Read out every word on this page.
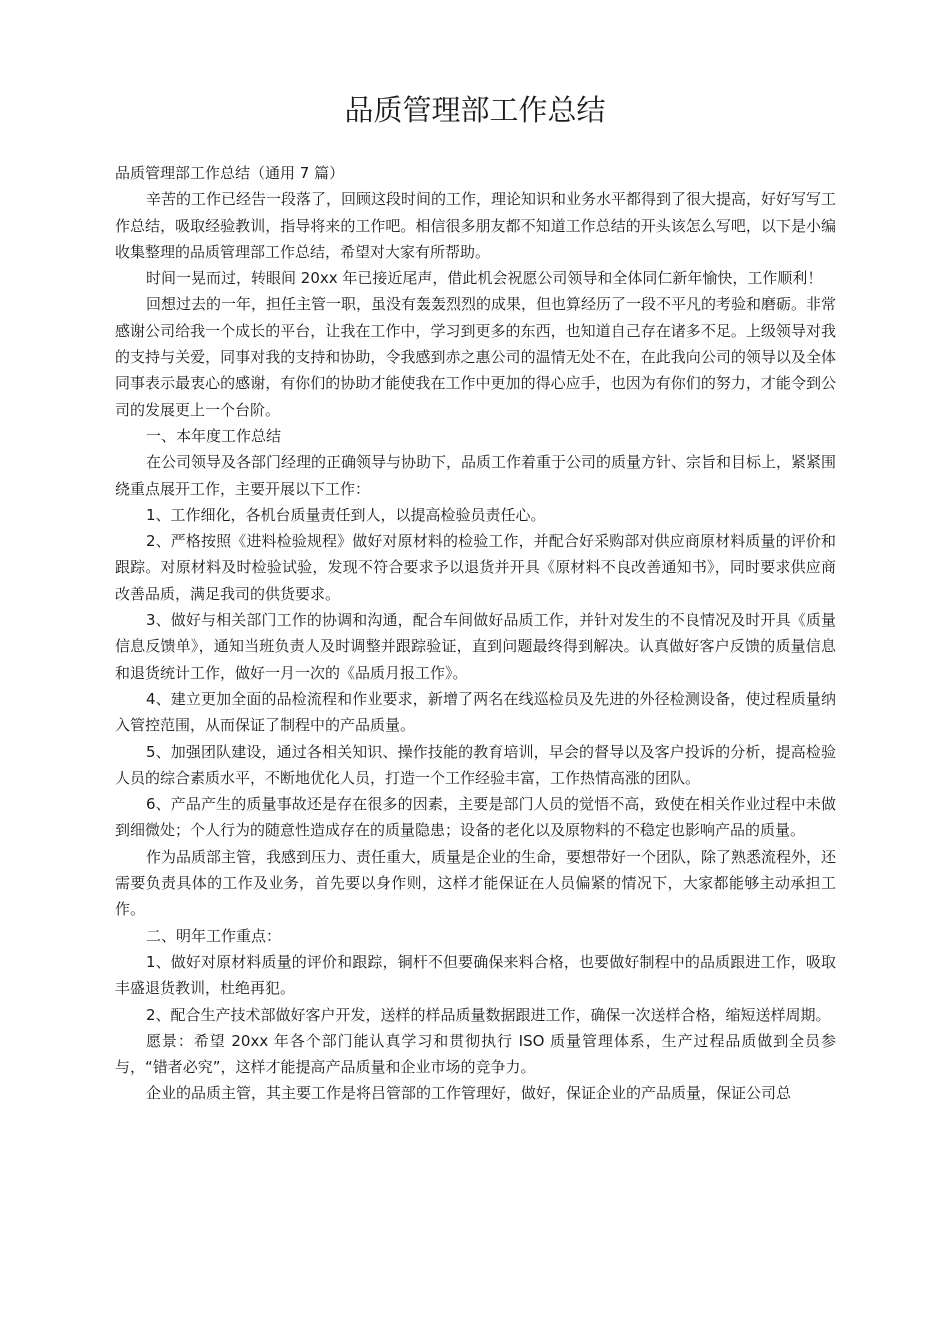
品质管理部工作总结

品质管理部工作总结（通用 7 篇）

辛苦的工作已经告一段落了，回顾这段时间的工作，理论知识和业务水平都得到了很大提高，好好写写工作总结，吸取经验教训，指导将来的工作吧。相信很多朋友都不知道工作总结的开头该怎么写吧，以下是小编收集整理的品质管理部工作总结，希望对大家有所帮助。

时间一晃而过，转眼间 20xx 年已接近尾声，借此机会祝愿公司领导和全体同仁新年愉快，工作顺利！

回想过去的一年，担任主管一职，虽没有轰轰烈烈的成果，但也算经历了一段不平凡的考验和磨砺。非常感谢公司给我一个成长的平台，让我在工作中，学习到更多的东西，也知道自己存在诸多不足。上级领导对我的支持与关爱，同事对我的支持和协助，令我感到赤之惠公司的温情无处不在，在此我向公司的领导以及全体同事表示最衷心的感谢，有你们的协助才能使我在工作中更加的得心应手，也因为有你们的努力，才能令到公司的发展更上一个台阶。

一、本年度工作总结

在公司领导及各部门经理的正确领导与协助下，品质工作着重于公司的质量方针、宗旨和目标上，紧紧围绕重点展开工作，主要开展以下工作：

1、工作细化，各机台质量责任到人，以提高检验员责任心。

2、严格按照《进料检验规程》做好对原材料的检验工作，并配合好采购部对供应商原材料质量的评价和跟踪。对原材料及时检验试验，发现不符合要求予以退货并开具《原材料不良改善通知书》，同时要求供应商改善品质，满足我司的供货要求。

3、做好与相关部门工作的协调和沟通，配合车间做好品质工作，并针对发生的不良情况及时开具《质量信息反馈单》，通知当班负责人及时调整并跟踪验证，直到问题最终得到解决。认真做好客户反馈的质量信息和退货统计工作，做好一月一次的《品质月报工作》。

4、建立更加全面的品检流程和作业要求，新增了两名在线巡检员及先进的外径检测设备，使过程质量纳入管控范围，从而保证了制程中的产品质量。

5、加强团队建设，通过各相关知识、操作技能的教育培训，早会的督导以及客户投诉的分析，提高检验人员的综合素质水平，不断地优化人员，打造一个工作经验丰富，工作热情高涨的团队。

6、产品产生的质量事故还是存在很多的因素，主要是部门人员的觉悟不高，致使在相关作业过程中未做到细微处；个人行为的随意性造成存在的质量隐患；设备的老化以及原物料的不稳定也影响产品的质量。

作为品质部主管，我感到压力、责任重大，质量是企业的生命，要想带好一个团队，除了熟悉流程外，还需要负责具体的工作及业务，首先要以身作则，这样才能保证在人员偏紧的情况下，大家都能够主动承担工作。

二、明年工作重点：

1、做好对原材料质量的评价和跟踪，铜杆不但要确保来料合格，也要做好制程中的品质跟进工作，吸取丰盛退货教训，杜绝再犯。

2、配合生产技术部做好客户开发，送样的样品质量数据跟进工作，确保一次送样合格，缩短送样周期。

愿景：希望 20xx 年各个部门能认真学习和贯彻执行 ISO 质量管理体系，生产过程品质做到全员参与，“错者必究”，这样才能提高产品质量和企业市场的竞争力。

企业的品质主管，其主要工作是将吕管部的工作管理好，做好，保证企业的产品质量，保证公司总
